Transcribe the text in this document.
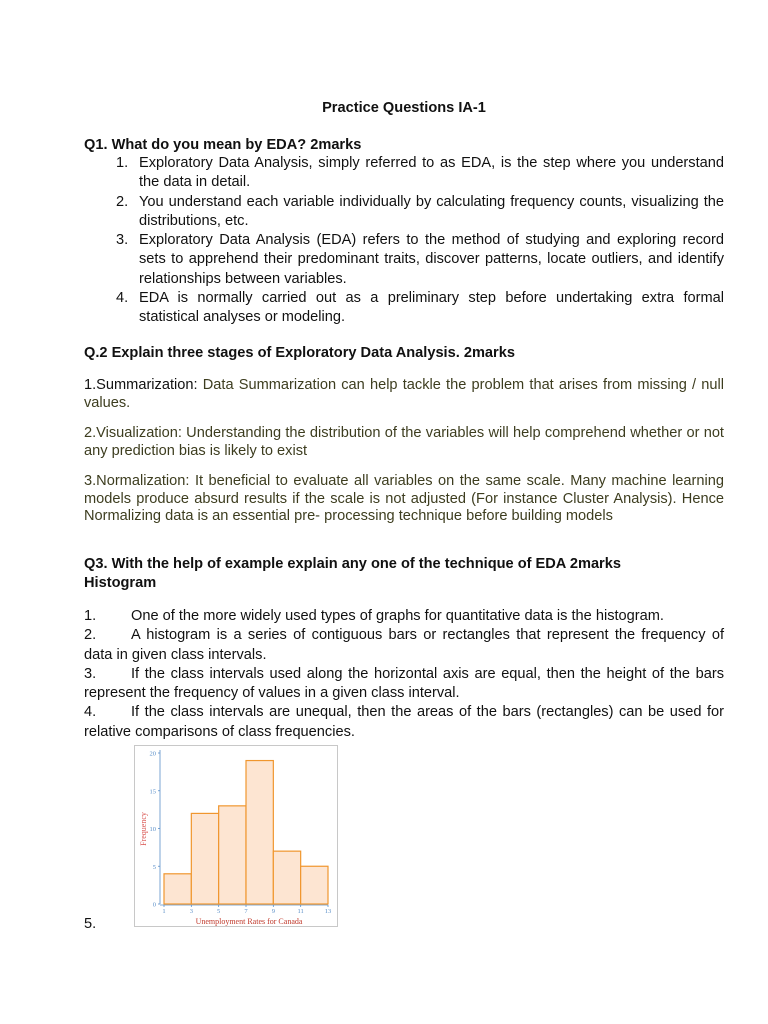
Practice Questions IA-1
Q1. What do you mean by EDA? 2marks
1. Exploratory Data Analysis, simply referred to as EDA, is the step where you understand the data in detail.
2. You understand each variable individually by calculating frequency counts, visualizing the distributions, etc.
3. Exploratory Data Analysis (EDA) refers to the method of studying and exploring record sets to apprehend their predominant traits, discover patterns, locate outliers, and identify relationships between variables.
4. EDA is normally carried out as a preliminary step before undertaking extra formal statistical analyses or modeling.
Q.2 Explain three stages of Exploratory Data Analysis. 2marks
1.Summarization: Data Summarization can help tackle the problem that arises from missing / null values.
2.Visualization: Understanding the distribution of the variables will help comprehend whether or not any prediction bias is likely to exist
3.Normalization: It beneficial to evaluate all variables on the same scale. Many machine learning models produce absurd results if the scale is not adjusted (For instance Cluster Analysis). Hence Normalizing data is an essential pre- processing technique before building models
Q3. With the help of example explain any one of the technique of EDA 2marks
Histogram
1. One of the more widely used types of graphs for quantitative data is the histogram.
2. A histogram is a series of contiguous bars or rectangles that represent the frequency of data in given class intervals.
3. If the class intervals used along the horizontal axis are equal, then the height of the bars represent the frequency of values in a given class interval.
4. If the class intervals are unequal, then the areas of the bars (rectangles) can be used for relative comparisons of class frequencies.
5.
Frequency
Unemployment Rates for Canada
0
5
10
15
20
1	3	5	7	9	11	13
